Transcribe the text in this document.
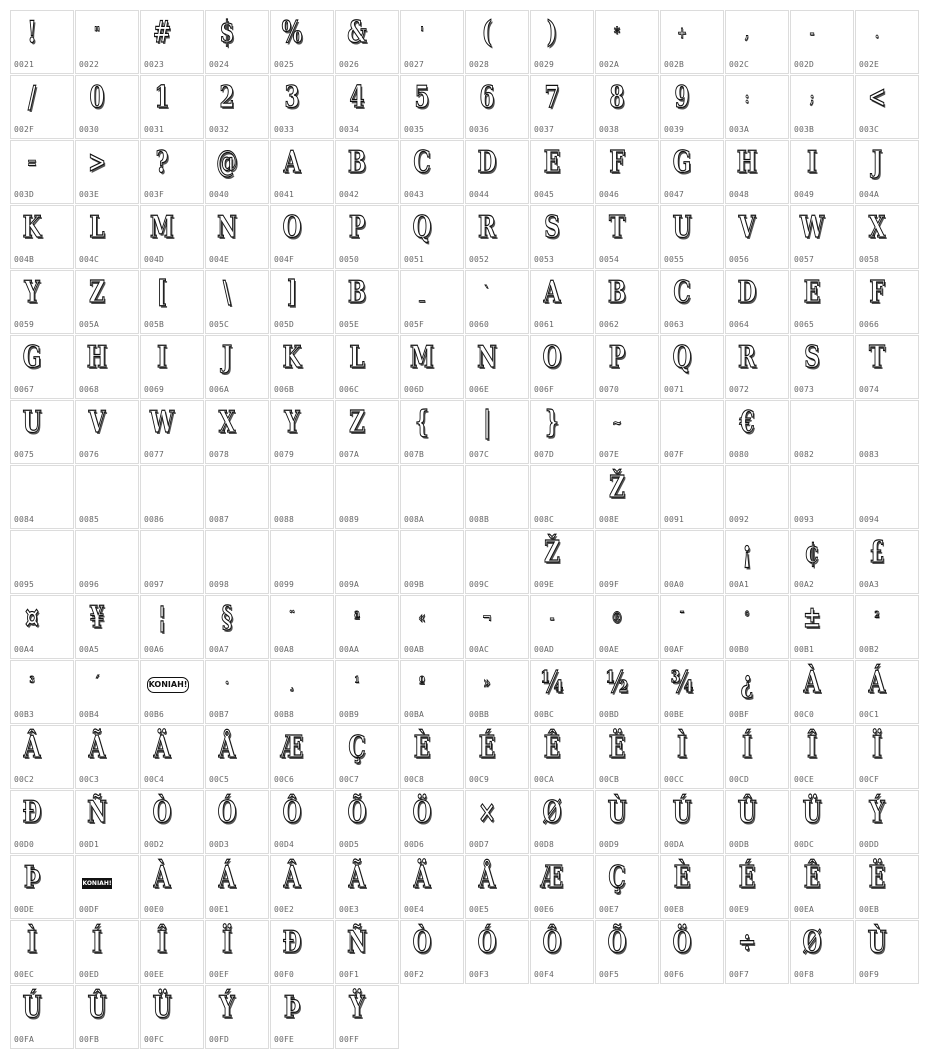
!
0021
"
0022
#
0023
$
0024
%
0025
&
0026
'
0027
(
0028
)
0029
*
002A
+
002B
,
002C
-
002D
.
002E
/
002F
0
0030
1
0031
2
0032
3
0033
4
0034
5
0035
6
0036
7
0037
8
0038
9
0039
:
003A
;
003B
<
003C
=
003D
>
003E
?
003F
@
0040
A
0041
B
0042
C
0043
D
0044
E
0045
F
0046
G
0047
H
0048
I
0049
J
004A
K
004B
L
004C
M
004D
N
004E
O
004F
P
0050
Q
0051
R
0052
S
0053
T
0054
U
0055
V
0056
W
0057
X
0058
Y
0059
Z
005A
[
005B
\
005C
]
005D
B
005E
_
005F
`
0060
A
0061
B
0062
C
0063
D
0064
E
0065
F
0066
G
0067
H
0068
I
0069
J
006A
K
006B
L
006C
M
006D
N
006E
O
006F
P
0070
Q
0071
R
0072
S
0073
T
0074
U
0075
V
0076
W
0077
X
0078
Y
0079
Z
007A
{
007B
|
007C
}
007D
~
007E	007F
€
0080	0082	0083
0084	0085	0086	0087	0088	0089	008A	008B	008C
Ž
008E	0091	0092	0093	0094
0095	0096	0097	0098	0099	009A	009B	009C
Ž
009E	009F	00A0
¡
00A1
¢
00A2
£
00A3
¤
00A4
¥
00A5
¦
00A6
§
00A7
¨
00A8
ª
00AA
«
00AB
¬
00AC
-
00AD
®
00AE
¯
00AF
°
00B0
±
00B1
²
00B2
³
00B3
´
00B4
KONIAH!
00B6
·
00B7
¸
00B8
¹
00B9
º
00BA
»
00BB
¼
00BC
½
00BD
¾
00BE
¿
00BF
À
00C0
Á
00C1
Â
00C2
Ã
00C3
Ä
00C4
Å
00C5
Æ
00C6
Ç
00C7
È
00C8
É
00C9
Ê
00CA
Ë
00CB
Ì
00CC
Í
00CD
Î
00CE
Ï
00CF
Ð
00D0
Ñ
00D1
Ò
00D2
Ó
00D3
Ô
00D4
Õ
00D5
Ö
00D6
×
00D7
Ø
00D8
Ù
00D9
Ú
00DA
Û
00DB
Ü
00DC
Ý
00DD
Þ
00DE
KONIAH!
00DF
À
00E0
Á
00E1
Â
00E2
Ã
00E3
Ä
00E4
Å
00E5
Æ
00E6
Ç
00E7
È
00E8
É
00E9
Ê
00EA
Ë
00EB
Ì
00EC
Í
00ED
Î
00EE
Ï
00EF
Ð
00F0
Ñ
00F1
Ò
00F2
Ó
00F3
Ô
00F4
Õ
00F5
Ö
00F6
÷
00F7
Ø
00F8
Ù
00F9
Ú
00FA
Û
00FB
Ü
00FC
Ý
00FD
Þ
00FE
Ÿ
00FF
